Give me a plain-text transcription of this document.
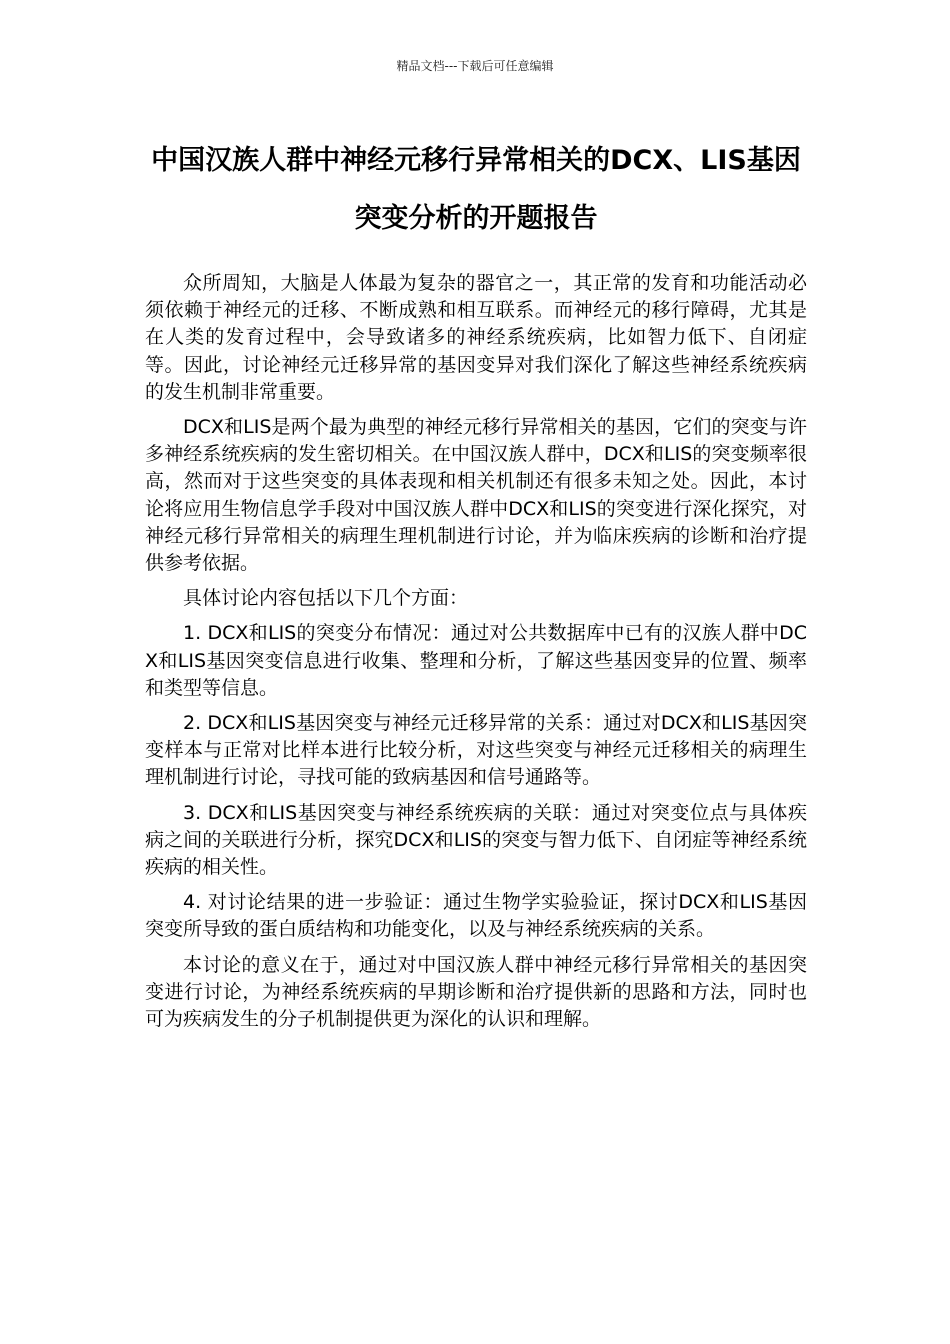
精品文档---下载后可任意编辑
中国汉族人群中神经元移行异常相关的DCX、LIS基因突变分析的开题报告

众所周知，大脑是人体最为复杂的器官之一，其正常的发育和功能活动必须依赖于神经元的迁移、不断成熟和相互联系。而神经元的移行障碍，尤其是在人类的发育过程中，会导致诸多的神经系统疾病，比如智力低下、自闭症等。因此，讨论神经元迁移异常的基因变异对我们深化了解这些神经系统疾病的发生机制非常重要。

DCX和LIS是两个最为典型的神经元移行异常相关的基因，它们的突变与许多神经系统疾病的发生密切相关。在中国汉族人群中，DCX和LIS的突变频率很高，然而对于这些突变的具体表现和相关机制还有很多未知之处。因此，本讨论将应用生物信息学手段对中国汉族人群中DCX和LIS的突变进行深化探究，对神经元移行异常相关的病理生理机制进行讨论，并为临床疾病的诊断和治疗提供参考依据。

具体讨论内容包括以下几个方面：

1. DCX和LIS的突变分布情况：通过对公共数据库中已有的汉族人群中DCX和LIS基因突变信息进行收集、整理和分析，了解这些基因变异的位置、频率和类型等信息。

2. DCX和LIS基因突变与神经元迁移异常的关系：通过对DCX和LIS基因突变样本与正常对比样本进行比较分析，对这些突变与神经元迁移相关的病理生理机制进行讨论，寻找可能的致病基因和信号通路等。

3. DCX和LIS基因突变与神经系统疾病的关联：通过对突变位点与具体疾病之间的关联进行分析，探究DCX和LIS的突变与智力低下、自闭症等神经系统疾病的相关性。

4. 对讨论结果的进一步验证：通过生物学实验验证，探讨DCX和LIS基因突变所导致的蛋白质结构和功能变化，以及与神经系统疾病的关系。

本讨论的意义在于，通过对中国汉族人群中神经元移行异常相关的基因突变进行讨论，为神经系统疾病的早期诊断和治疗提供新的思路和方法，同时也可为疾病发生的分子机制提供更为深化的认识和理解。
